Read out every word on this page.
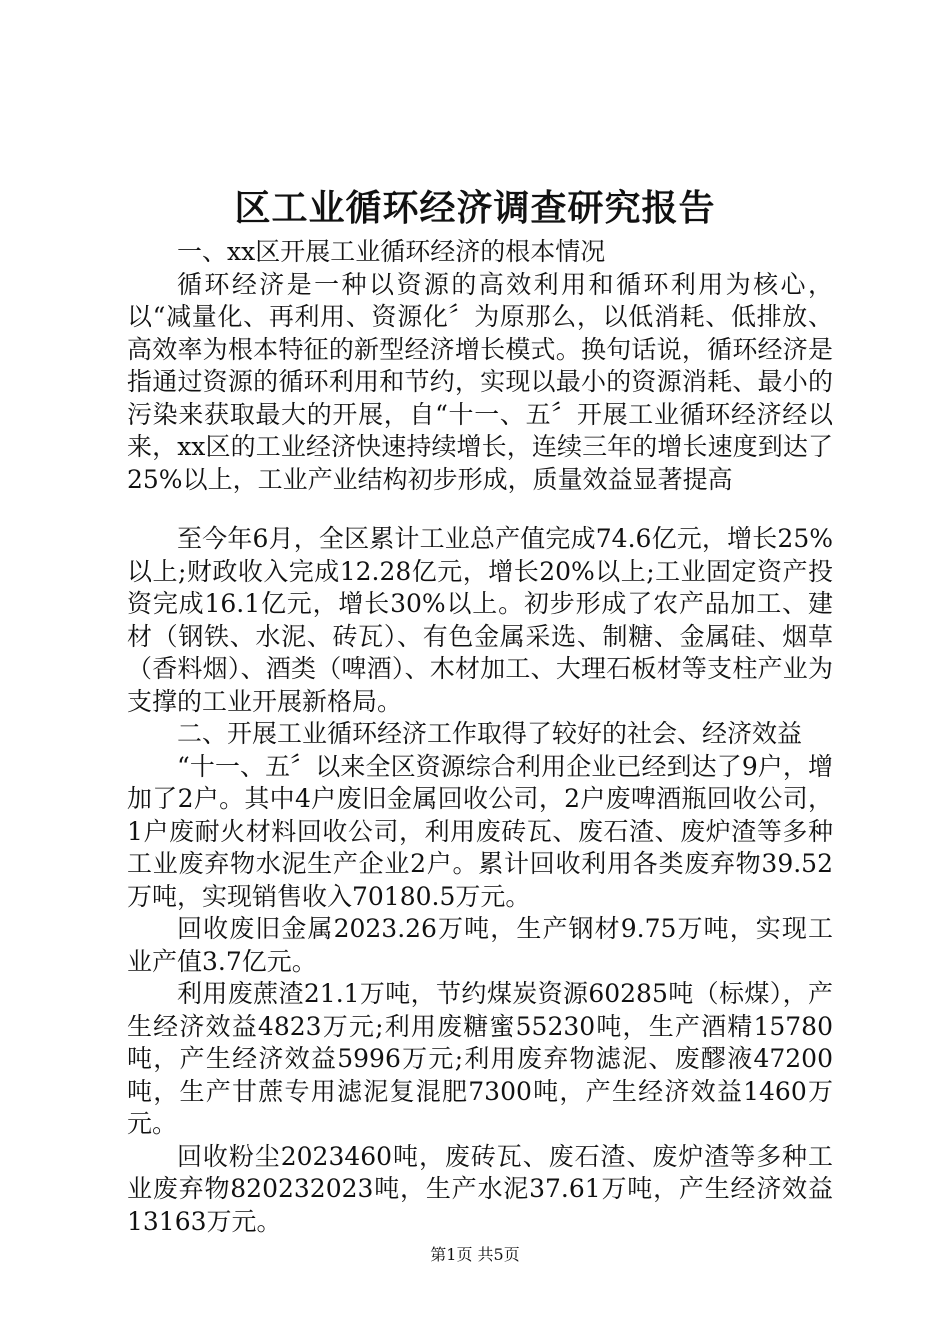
区工业循环经济调查研究报告

一、xx区开展工业循环经济的根本情况

循环经济是一种以资源的高效利用和循环利用为核心，以“减量化、再利用、资源化〞为原那么，以低消耗、低排放、高效率为根本特征的新型经济增长模式。换句话说，循环经济是指通过资源的循环利用和节约，实现以最小的资源消耗、最小的污染来获取最大的开展，自“十一、五〞开展工业循环经济经以来，xx区的工业经济快速持续增长，连续三年的增长速度到达了25%以上，工业产业结构初步形成，质量效益显著提高

至今年6月，全区累计工业总产值完成74.6亿元，增长25%以上;财政收入完成12.28亿元，增长20%以上;工业固定资产投资完成16.1亿元，增长30%以上。初步形成了农产品加工、建材（钢铁、水泥、砖瓦）、有色金属采选、制糖、金属硅、烟草（香料烟）、酒类（啤酒）、木材加工、大理石板材等支柱产业为支撑的工业开展新格局。

二、开展工业循环经济工作取得了较好的社会、经济效益

“十一、五〞以来全区资源综合利用企业已经到达了9户，增加了2户。其中4户废旧金属回收公司，2户废啤酒瓶回收公司，1户废耐火材料回收公司，利用废砖瓦、废石渣、废炉渣等多种工业废弃物水泥生产企业2户。累计回收利用各类废弃物39.52万吨，实现销售收入70180.5万元。

回收废旧金属2023.26万吨，生产钢材9.75万吨，实现工业产值3.7亿元。

利用废蔗渣21.1万吨，节约煤炭资源60285吨（标煤），产生经济效益4823万元;利用废糖蜜55230吨，生产酒精15780吨，产生经济效益5996万元;利用废弃物滤泥、废醪液47200吨，生产甘蔗专用滤泥复混肥7300吨，产生经济效益1460万元。

回收粉尘2023460吨，废砖瓦、废石渣、废炉渣等多种工业废弃物820232023吨，生产水泥37.61万吨，产生经济效益13163万元。

第1页 共5页
